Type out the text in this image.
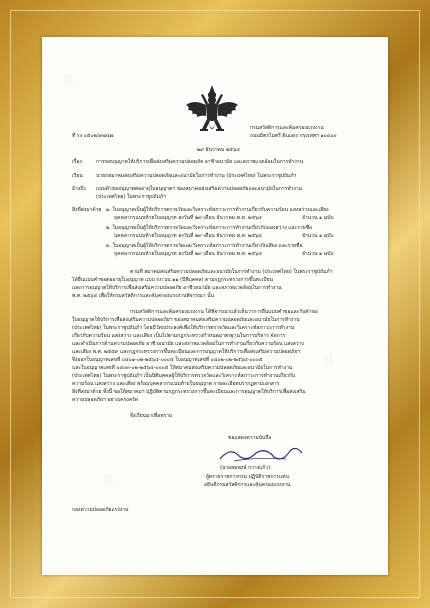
ที่ รง ๐๕๐๒/๙๗๔๗
กรมสวัสดิการและคุ้มครองแรงงาน
ถนนมิตรไมตรี ดินแดง กรุงเทพฯ ๑๐๔๐๐
๒๙ ธันวาคม ๒๕๖๔
เรื่อง	การขอบนุญาตให้บริการเพื่อส่งเสริมความปลอดภัย อาชีวอนามัย และสภาพแวดล้อมในการทำงาน
เรียน	นายกสมาคมส่งเสริมความปลอดภัยและอนามัยในการทำงาน (ประเทศไทย) ในพระราชูปถัมภ์ฯ
อ้างถึง แบบคำขออนุญาตต่ออายุใบอนุญาตฯ ของสมาคมส่งเสริมความปลอดภัยและอนามัยในการทำงาน
(ประเทศไทย) ในพระราชูปถัมภ์ฯ
สิ่งที่ส่งมาด้วย ๑. ใบอนุญาตเป็นผู้ให้บริการตรวจวัดและวิเคราะห์สภาวะการทำงานเกี่ยวกับความร้อน แสงสว่างและเสียง
บุคคลากรแนบท้ายใบอนุญาต ลงวันที่ ๒๙ เดือน ธันวาคม พ.ศ. ๒๕๖๔	จำนวน ๑ ฉบับ
๒. ใบอนุญาตเป็นผู้ให้บริการตรวจวัดและวิเคราะห์สภาวะการทำงานเกี่ยวกับแสงสว่าง และรายชื่อ
บุคคลากรแนบท้ายใบอนุญาต ลงวันที่ ๒๙ เดือน ธันวาคม พ.ศ. ๒๕๖๔	จำนวน ๑ ฉบับ
๓. ใบอนุญาตเป็นผู้ให้บริการตรวจวัดและวิเคราะห์สภาวะการทำงานเกี่ยวกับเสียง และรายชื่อ
บุคคลากรแนบท้ายใบอนุญาต ลงวันที่ ๒๙ เดือน ธันวาคม พ.ศ. ๒๕๖๔	จำนวน ๑ ฉบับ
ตามที่ สมาคมส่งเสริมความปลอดภัยและอนามัยในการทำงาน (ประเทศไทย) ในพระราชูปถัมภ์ฯ
ได้ยื่นแบบคำขอต่ออายุใบอนุญาต แบบ กภ.บบ.๑๑ (บีพีบุคคล) ตามกฎกระทรวงการขึ้นทะเบียน
และการอนุญาตให้บริการเพื่อส่งเสริมความปลอดภัย อาชีวอนามัย และสภาพแวดล้อมในการทำงาน
พ.ศ. ๒๕๖๔ เพื่อให้กรมสวัสดิการและคุ้มครองแรงงานพิจารณา นั้น
กรมสวัสดิการและคุ้มครองแรงงาน ได้พิจารณาแล้วเห็นว่าการยื่นแบบคำขอและรับคำขอ
ใบอนุญาตให้บริการเพื่อส่งเสริมความปลอดภัยฯ ของสมาคมส่งเสริมความปลอดภัยและอนามัยในการทำงาน
(ประเทศไทย) ในพระราชูปถัมภ์ฯ โดยมีวัตถุประสงค์เพื่อให้บริการตรวจวัดและวิเคราะห์สภาวะการทำงาน
เกี่ยวกับความร้อน แสงสว่าง และเสียง เป็นไปตามกฎกระทรวงกำหนดมาตรฐานในการบริหาร จัดการ
และดำเนินการด้านความปลอดภัย อาชีวอนามัย และสภาพแวดล้อมในการทำงานเกี่ยวกับความร้อน แสงสว่าง
และเสียง พ.ศ. ๒๕๕๙ และกฎกระทรวงการขึ้นทะเบียนและการอนุญาตให้บริการเพื่อส่งเสริมความปลอดภัยฯ
จึงออกใบอนุญาตเลขที่ ๐๔๐๑-๐๒-๒๕๖๔-๐๐๐๕ ใบอนุญาตเลขที่ ๐๔๐๒-๐๒-๒๕๖๔-๐๐๐๕
และใบอนุญาตเลขที่ ๐๔๐๓-๐๒-๒๕๖๔-๐๐๐๕ ให้สมาคมส่งเสริมความปลอดภัยและอนามัยในการทำงาน
(ประเทศไทย) ในพระราชูปถัมภ์ฯ เป็นนิติบุคคลผู้ให้บริการตรวจวัดและวิเคราะห์สภาวะการทำงานเกี่ยวกับ
ความร้อน แสงสว่าง และเสียง พร้อมบุคคลากรแนบท้ายใบอนุญาต รายละเอียดปรากฏตามเอกสาร
สิ่งที่ส่งมาด้วย ทั้งนี้ ขอให้สมาคมฯ ปฏิบัติตามกฎกระทรวงการขึ้นทะเบียนและการอนุญาตให้บริการเพื่อส่งเสริม
ความปลอดภัยฯ อย่างเคร่งครัด
จึงเรียนมาเพื่อทราบ
ขอแสดงความนับถือ
(นายสมพงษ์ กวางแก้ว)
ผู้ตรวจราชการกรม ปฏิบัติราชการแทน
อธิบดีกรมสวัสดิการและคุ้มครองแรงงาน
กองความปลอดภัยแรงงาน
